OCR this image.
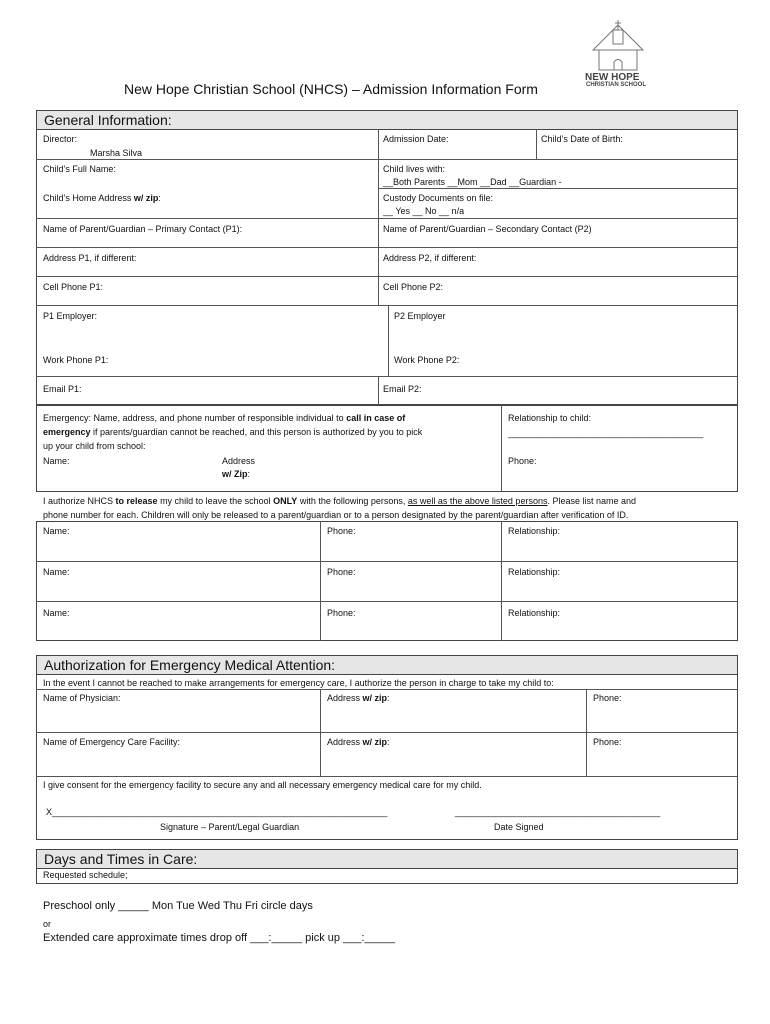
New Hope Christian School (NHCS) – Admission Information Form
NEW HOPE
CHRISTIAN SCHOOL
General Information:
Director:
Marsha Silva
Admission Date:	Child’s Date of Birth:
Child’s Full Name:	Child lives with:
__Both Parents __Mom __Dad __Guardian -
Child’s Home Address w/ zip:	Custody Documents on file:
__ Yes __ No __ n/a
Name of Parent/Guardian – Primary Contact (P1):	Name of Parent/Guardian – Secondary Contact (P2)
Address P1, if different:	Address P2, if different:
Cell Phone P1:	Cell Phone P2:
P1 Employer:	P2 Employer
Work Phone P1:	Work Phone P2:
Email P1:	Email P2:
Emergency: Name, address, and phone number of responsible individual to call in case of
emergency if parents/guardian cannot be reached, and this person is authorized by you to pick
up your child from school:
Name:	Address
w/ Zip:
Relationship to child:
_______________________________________
Phone:
I authorize NHCS to release my child to leave the school ONLY with the following persons, as well as the above listed persons. Please list name and
phone number for each. Children will only be released to a parent/guardian or to a person designated by the parent/guardian after verification of ID.
Name:	Phone:	Relationship:
Name:	Phone:	Relationship:
Name:	Phone:	Relationship:
Authorization for Emergency Medical Attention:
In the event I cannot be reached to make arrangements for emergency care, I authorize the person in charge to take my child to:
Name of Physician:	Address w/ zip:	Phone:
Name of Emergency Care Facility:	Address w/ zip:	Phone:
I give consent for the emergency facility to secure any and all necessary emergency medical care for my child.
X___________________________________________________________________	_________________________________________
Signature – Parent/Legal Guardian	Date Signed
Days and Times in Care:
Requested schedule;
Preschool only _____ Mon Tue Wed Thu Fri circle days
or
Extended care approximate times drop off ___:_____ pick up ___:_____
